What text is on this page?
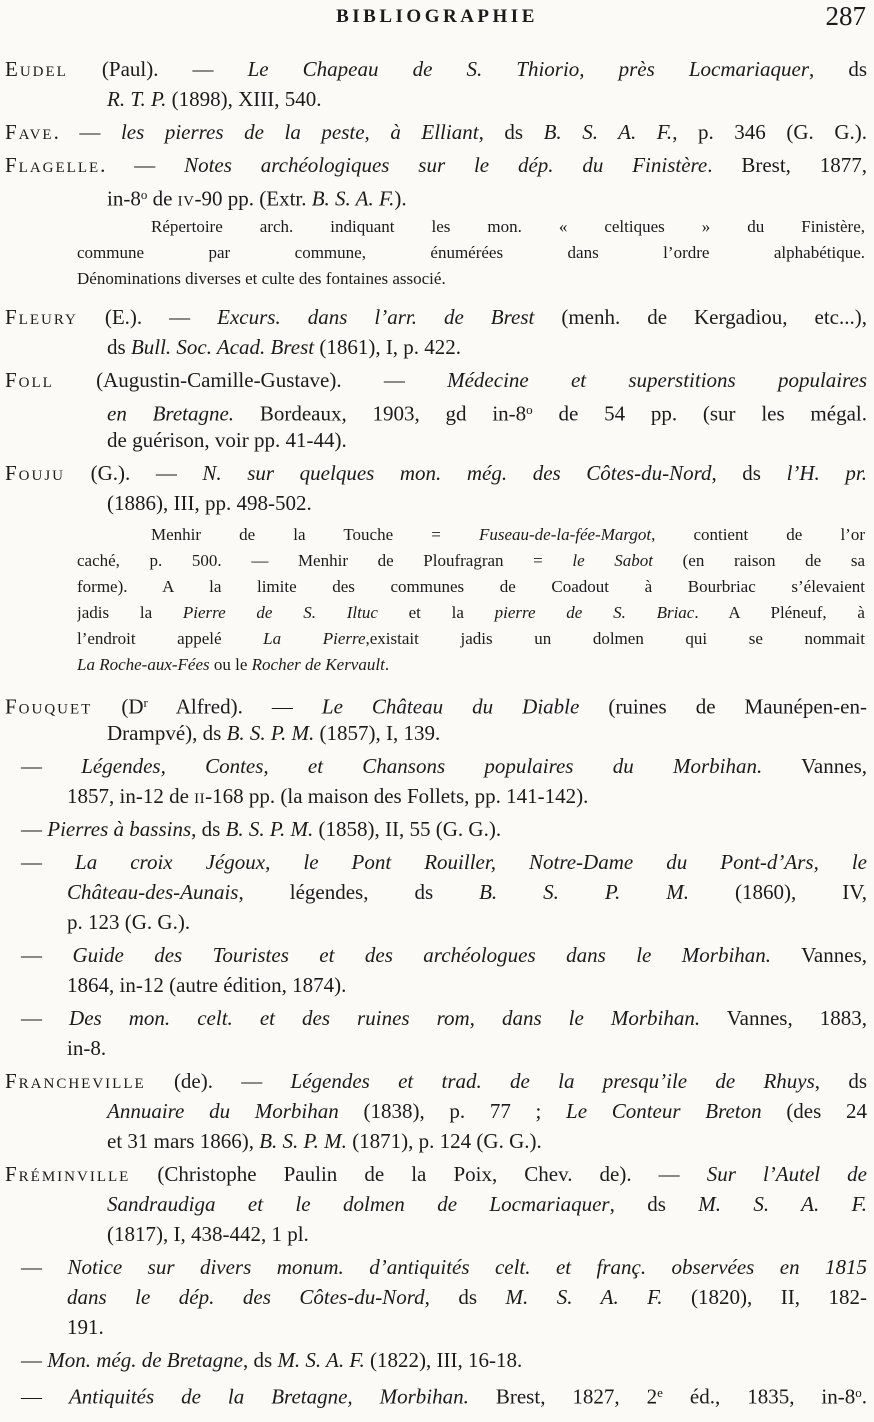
BIBLIOGRAPHIE	287
Eudel (Paul). — Le Chapeau de S. Thiorio, près Locmariaquer, ds
R. T. P. (1898), XIII, 540.
Fave. — les pierres de la peste, à Elliant, ds B. S. A. F., p. 346 (G. G.).
Flagelle. — Notes archéologiques sur le dép. du Finistère. Brest, 1877,
in-8$^o$ de iv-90 pp. (Extr. B. S. A. F.).
Répertoire arch. indiquant les mon. « celtiques » du Finistère,
commune par commune, énumérées dans l’ordre alphabétique.
Dénominations diverses et culte des fontaines associé.
Fleury (E.). — Excurs. dans l’arr. de Brest (menh. de Kergadiou, etc...),
ds Bull. Soc. Acad. Brest (1861), I, p. 422.
Foll (Augustin-Camille-Gustave). — Médecine et superstitions populaires
en Bretagne. Bordeaux, 1903, gd in-8$^o$ de 54 pp. (sur les mégal.
de guérison, voir pp. 41-44).
Fouju (G.). — N. sur quelques mon. még. des Côtes-du-Nord, ds l’H. pr.
(1886), III, pp. 498-502.
Menhir de la Touche = Fuseau-de-la-fée-Margot, contient de l’or
caché, p. 500. — Menhir de Ploufragran = le Sabot (en raison de sa
forme). A la limite des communes de Coadout à Bourbriac s’élevaient
jadis la Pierre de S. Iltuc et la pierre de S. Briac. A Pléneuf, à
l’endroit appelé La Pierre,existait jadis un dolmen qui se nommait
La Roche-aux-Fées ou le Rocher de Kervault.
Fouquet ($D^r$ Alfred). — Le Château du Diable (ruines de Maunépen-en-
Drampvé), ds B. S. P. M. (1857), I, 139.
— Légendes, Contes, et Chansons populaires du Morbihan. Vannes,
1857, in-12 de ii-168 pp. (la maison des Follets, pp. 141-142).
— Pierres à bassins, ds B. S. P. M. (1858), II, 55 (G. G.).
— La croix Jégoux, le Pont Rouiller, Notre-Dame du Pont-d’Ars, le
Château-des-Aunais, légendes, ds B. S. P. M. (1860), IV,
p. 123 (G. G.).
— Guide des Touristes et des archéologues dans le Morbihan. Vannes,
1864, in-12 (autre édition, 1874).
— Des mon. celt. et des ruines rom, dans le Morbihan. Vannes, 1883,
in-8.
Francheville (de). — Légendes et trad. de la presqu’ile de Rhuys, ds
Annuaire du Morbihan (1838), p. 77 ; Le Conteur Breton (des 24
et 31 mars 1866), B. S. P. M. (1871), p. 124 (G. G.).
Fréminville (Christophe Paulin de la Poix, Chev. de). — Sur l’Autel de
Sandraudiga et le dolmen de Locmariaquer, ds M. S. A. F.
(1817), I, 438-442, 1 pl.
— Notice sur divers monum. d’antiquités celt. et franç. observées en 1815
dans le dép. des Côtes-du-Nord, ds M. S. A. F. (1820), II, 182-
191.
— Mon. még. de Bretagne, ds M. S. A. F. (1822), III, 16-18.
— Antiquités de la Bretagne, Morbihan. Brest, 1827, 2e éd., 1835, in-8$^o$.
